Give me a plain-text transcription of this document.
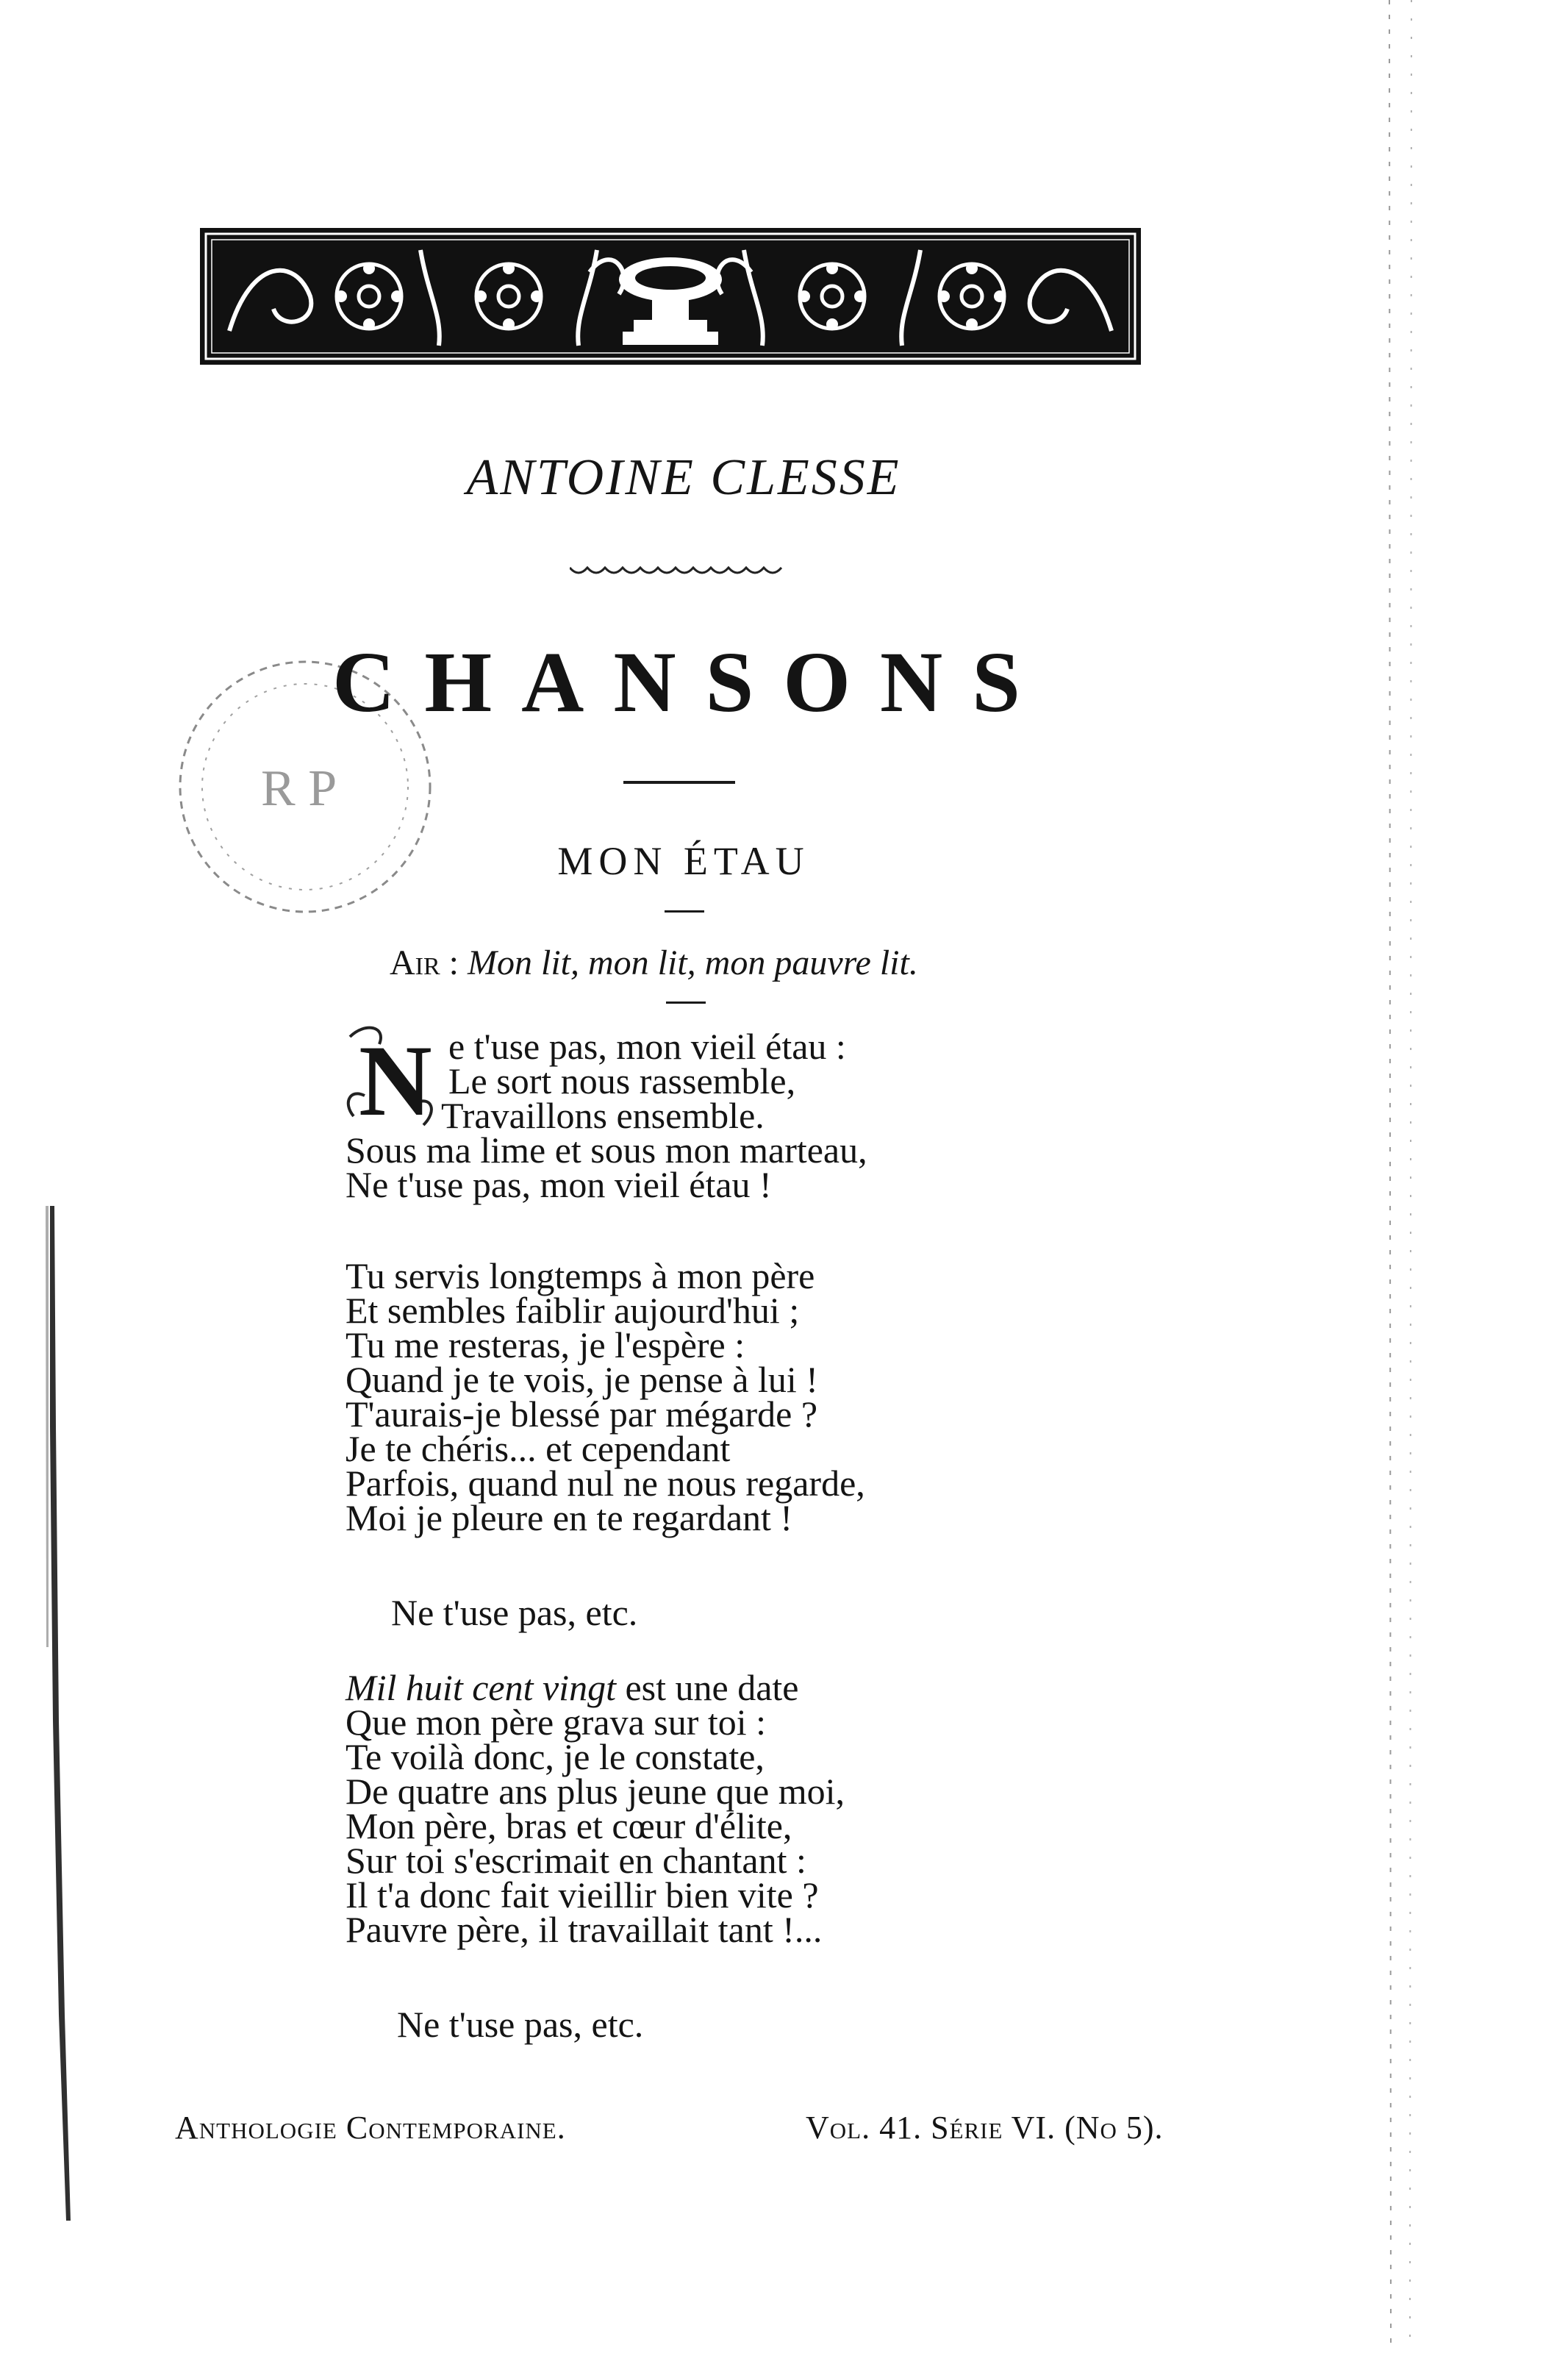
R P
ANTOINE CLESSE
CHANSONS
MON ÉTAU
Air : Mon lit, mon lit, mon pauvre lit.
N e t'use pas, mon vieil étau :
Le sort nous rassemble,
Travaillons ensemble.
Sous ma lime et sous mon marteau,
Ne t'use pas, mon vieil étau !
Tu servis longtemps à mon père
Et sembles faiblir aujourd'hui ;
Tu me resteras, je l'espère :
Quand je te vois, je pense à lui !
T'aurais-je blessé par mégarde ?
Je te chéris... et cependant
Parfois, quand nul ne nous regarde,
Moi je pleure en te regardant !
Ne t'use pas, etc.
Mil huit cent vingt est une date
Que mon père grava sur toi :
Te voilà donc, je le constate,
De quatre ans plus jeune que moi,
Mon père, bras et cœur d'élite,
Sur toi s'escrimait en chantant :
Il t'a donc fait vieillir bien vite ?
Pauvre père, il travaillait tant !...
Ne t'use pas, etc.
Anthologie Contemporaine.	Vol. 41. Série VI. (No 5).
